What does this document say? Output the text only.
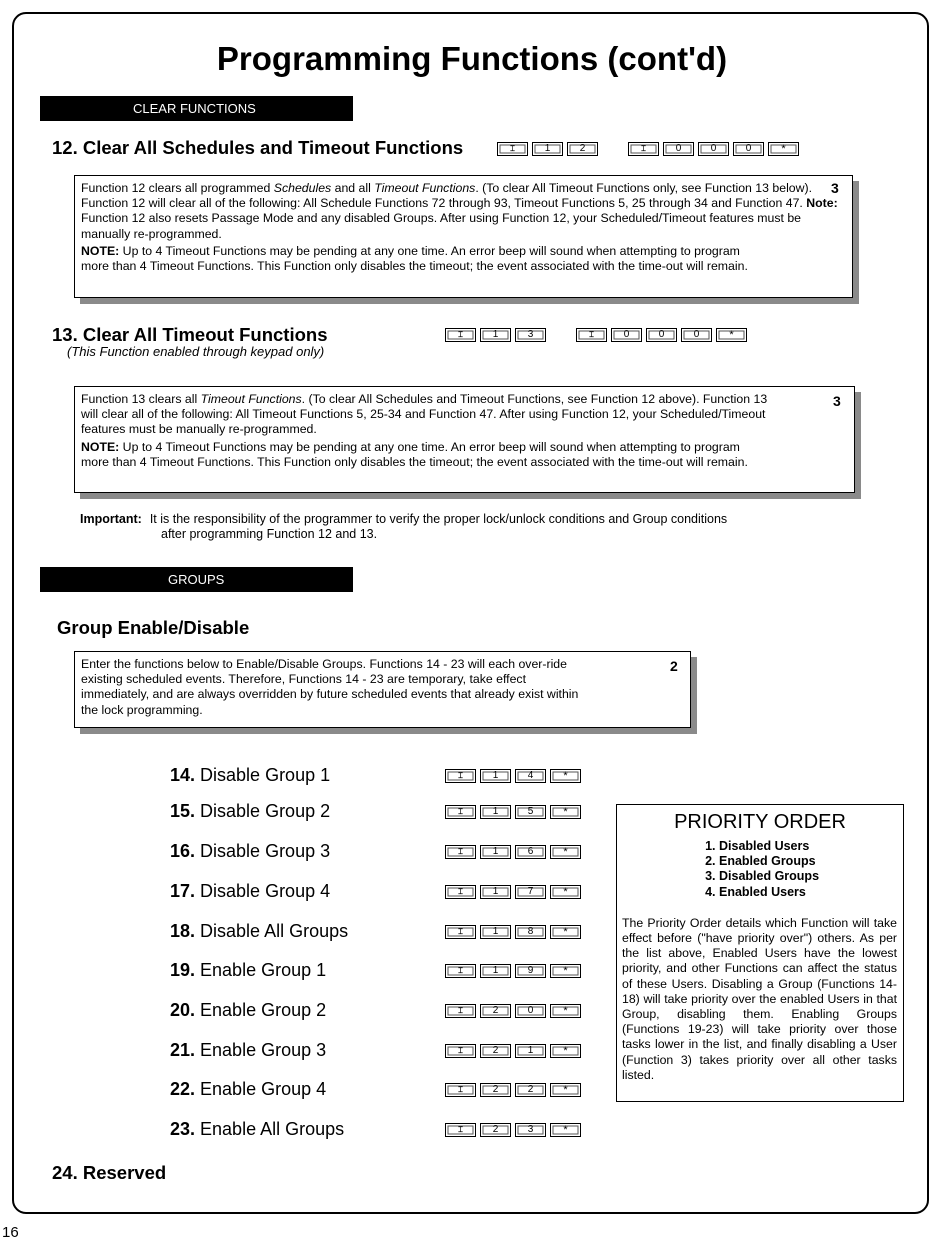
Programming Functions (cont'd)
CLEAR FUNCTIONS
12. Clear All Schedules and Timeout Functions	⌶	1	2	⌶	0	0	0	*

Function 12 clears all programmed Schedules and all Timeout Functions. (To clear All Timeout Functions only, see Function 13 below). Function 12 will clear all of the following: All Schedule Functions 72 through 93, Timeout Functions 5, 25 through 34 and Function 47. Note: Function 12 also resets Passage Mode and any disabled Groups. After using Function 12, your Scheduled/Timeout features must be manually re-programmed.

NOTE: Up to 4 Timeout Functions may be pending at any one time. An error beep will sound when attempting to program more than 4 Timeout Functions. This Function only disables the timeout; the event associated with the time-out will remain.

3
13. Clear All Timeout Functions
(This Function enabled through keypad only)
⌶	1	3	⌶	0	0	0	*

Function 13 clears all Timeout Functions. (To clear All Schedules and Timeout Functions, see Function 12 above). Function 13 will clear all of the following: All Timeout Functions 5, 25-34 and Function 47. After using Function 12, your Scheduled/Timeout features must be manually re-programmed.

NOTE: Up to 4 Timeout Functions may be pending at any one time. An error beep will sound when attempting to program more than 4 Timeout Functions. This Function only disables the timeout; the event associated with the time-out will remain.

3
Important: It is the responsibility of the programmer to verify the proper lock/unlock conditions and Group conditions
after programming Function 12 and 13.
GROUPS
Group Enable/Disable
Enter the functions below to Enable/Disable Groups. Functions 14 - 23 will each over-ride existing scheduled events. Therefore, Functions 14 - 23 are temporary, take effect immediately, and are always overridden by future scheduled events that already exist within the lock programming.
2
14. Disable Group 1	⌶	1	4	*
15. Disable Group 2	⌶	1	5	*
16. Disable Group 3	⌶	1	6	*
17. Disable Group 4	⌶	1	7	*
18. Disable All Groups	⌶	1	8	*
19. Enable Group 1	⌶	1	9	*
20. Enable Group 2	⌶	2	0	*
21. Enable Group 3	⌶	2	1	*
22. Enable Group 4	⌶	2	2	*
23. Enable All Groups	⌶	2	3	*
24. Reserved
PRIORITY ORDER
1. Disabled Users
2. Enabled Groups
3. Disabled Groups
4. Enabled Users
The Priority Order details which Function will take effect before ("have priority over") others. As per the list above, Enabled Users have the lowest priority, and other Functions can affect the status of these Users. Disabling a Group (Functions 14-18) will take priority over the enabled Users in that Group, disabling them. Enabling Groups (Functions 19-23) will take priority over those tasks lower in the list, and finally disabling a User (Function 3) takes priority over all other tasks listed.
16
